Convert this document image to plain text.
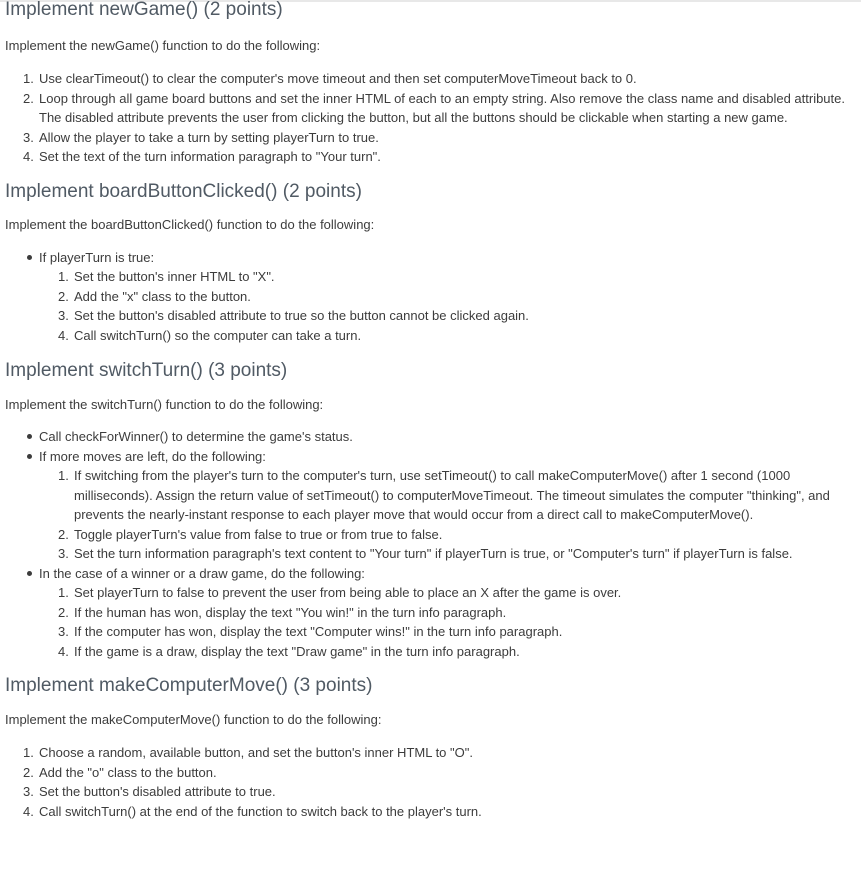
Implement newGame() (2 points)

Implement the newGame() function to do the following:

1. Use clearTimeout() to clear the computer's move timeout and then set computerMoveTimeout back to 0.
2. Loop through all game board buttons and set the inner HTML of each to an empty string. Also remove the class name and disabled attribute. The disabled attribute prevents the user from clicking the button, but all the buttons should be clickable when starting a new game.
3. Allow the player to take a turn by setting playerTurn to true.
4. Set the text of the turn information paragraph to "Your turn".
Implement boardButtonClicked() (2 points)

Implement the boardButtonClicked() function to do the following:

If playerTurn is true:
1. Set the button's inner HTML to "X".
2. Add the "x" class to the button.
3. Set the button's disabled attribute to true so the button cannot be clicked again.
4. Call switchTurn() so the computer can take a turn.
Implement switchTurn() (3 points)

Implement the switchTurn() function to do the following:

Call checkForWinner() to determine the game's status.
If more moves are left, do the following:
1. If switching from the player's turn to the computer's turn, use setTimeout() to call makeComputerMove() after 1 second (1000 milliseconds). Assign the return value of setTimeout() to computerMoveTimeout. The timeout simulates the computer "thinking", and prevents the nearly-instant response to each player move that would occur from a direct call to makeComputerMove().
2. Toggle playerTurn's value from false to true or from true to false.
3. Set the turn information paragraph's text content to "Your turn" if playerTurn is true, or "Computer's turn" if playerTurn is false.
In the case of a winner or a draw game, do the following:
1. Set playerTurn to false to prevent the user from being able to place an X after the game is over.
2. If the human has won, display the text "You win!" in the turn info paragraph.
3. If the computer has won, display the text "Computer wins!" in the turn info paragraph.
4. If the game is a draw, display the text "Draw game" in the turn info paragraph.
Implement makeComputerMove() (3 points)

Implement the makeComputerMove() function to do the following:

1. Choose a random, available button, and set the button's inner HTML to "O".
2. Add the "o" class to the button.
3. Set the button's disabled attribute to true.
4. Call switchTurn() at the end of the function to switch back to the player's turn.
